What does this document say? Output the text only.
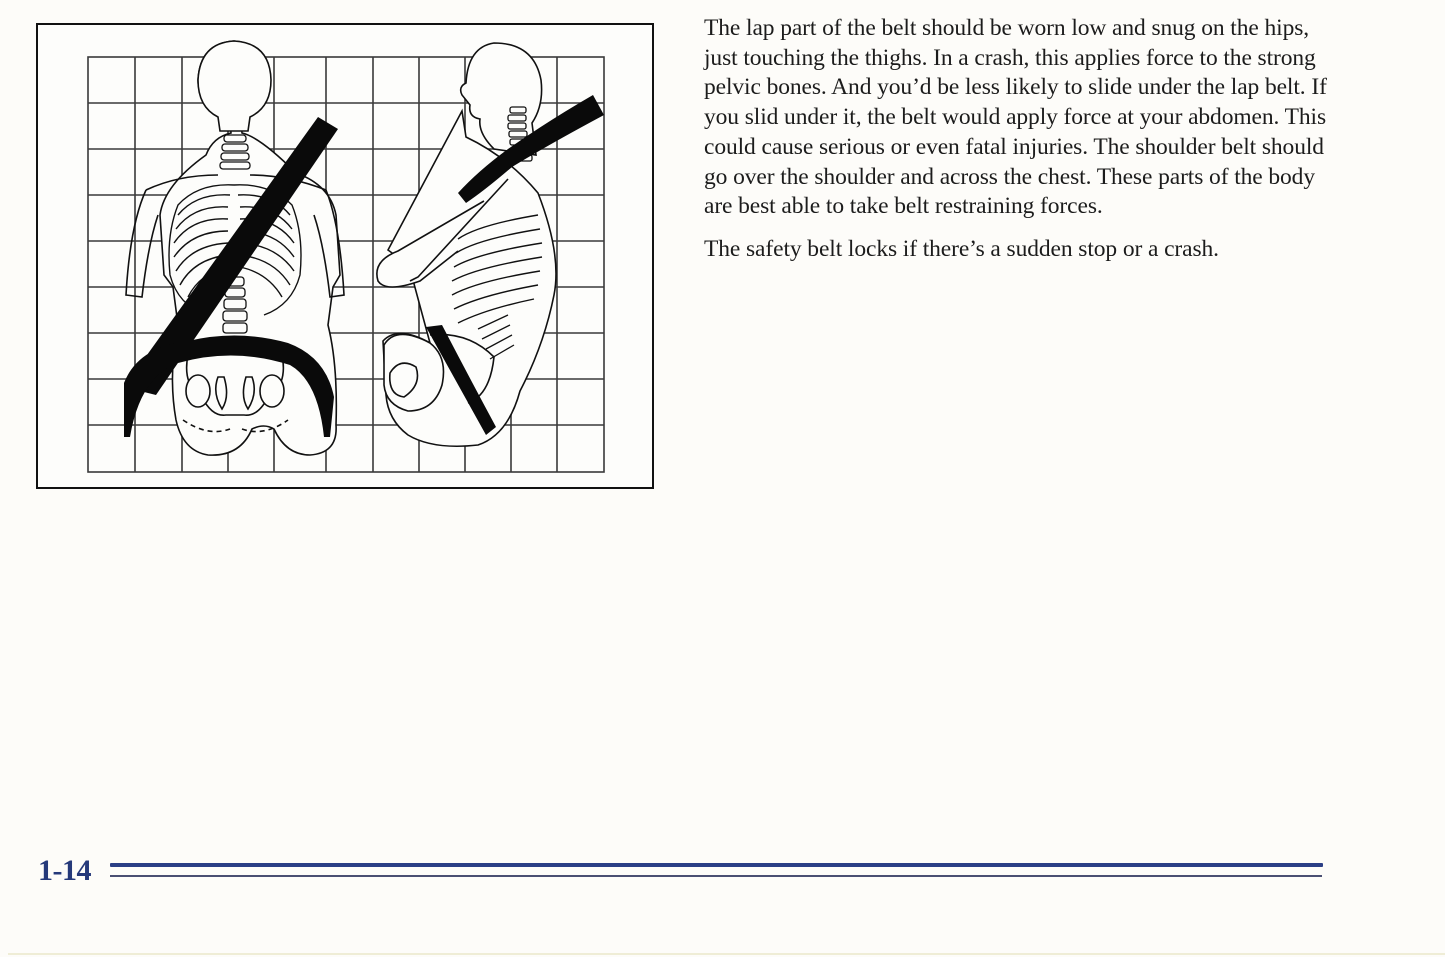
The lap part of the belt should be worn low and snug on the hips, just touching the thighs. In a crash, this applies force to the strong pelvic bones. And you’d be less likely to slide under the lap belt. If you slid under it, the belt would apply force at your abdomen. This could cause serious or even fatal injuries. The shoulder belt should go over the shoulder and across the chest. These parts of the body are best able to take belt restraining forces.

The safety belt locks if there’s a sudden stop or a crash.

1-14
